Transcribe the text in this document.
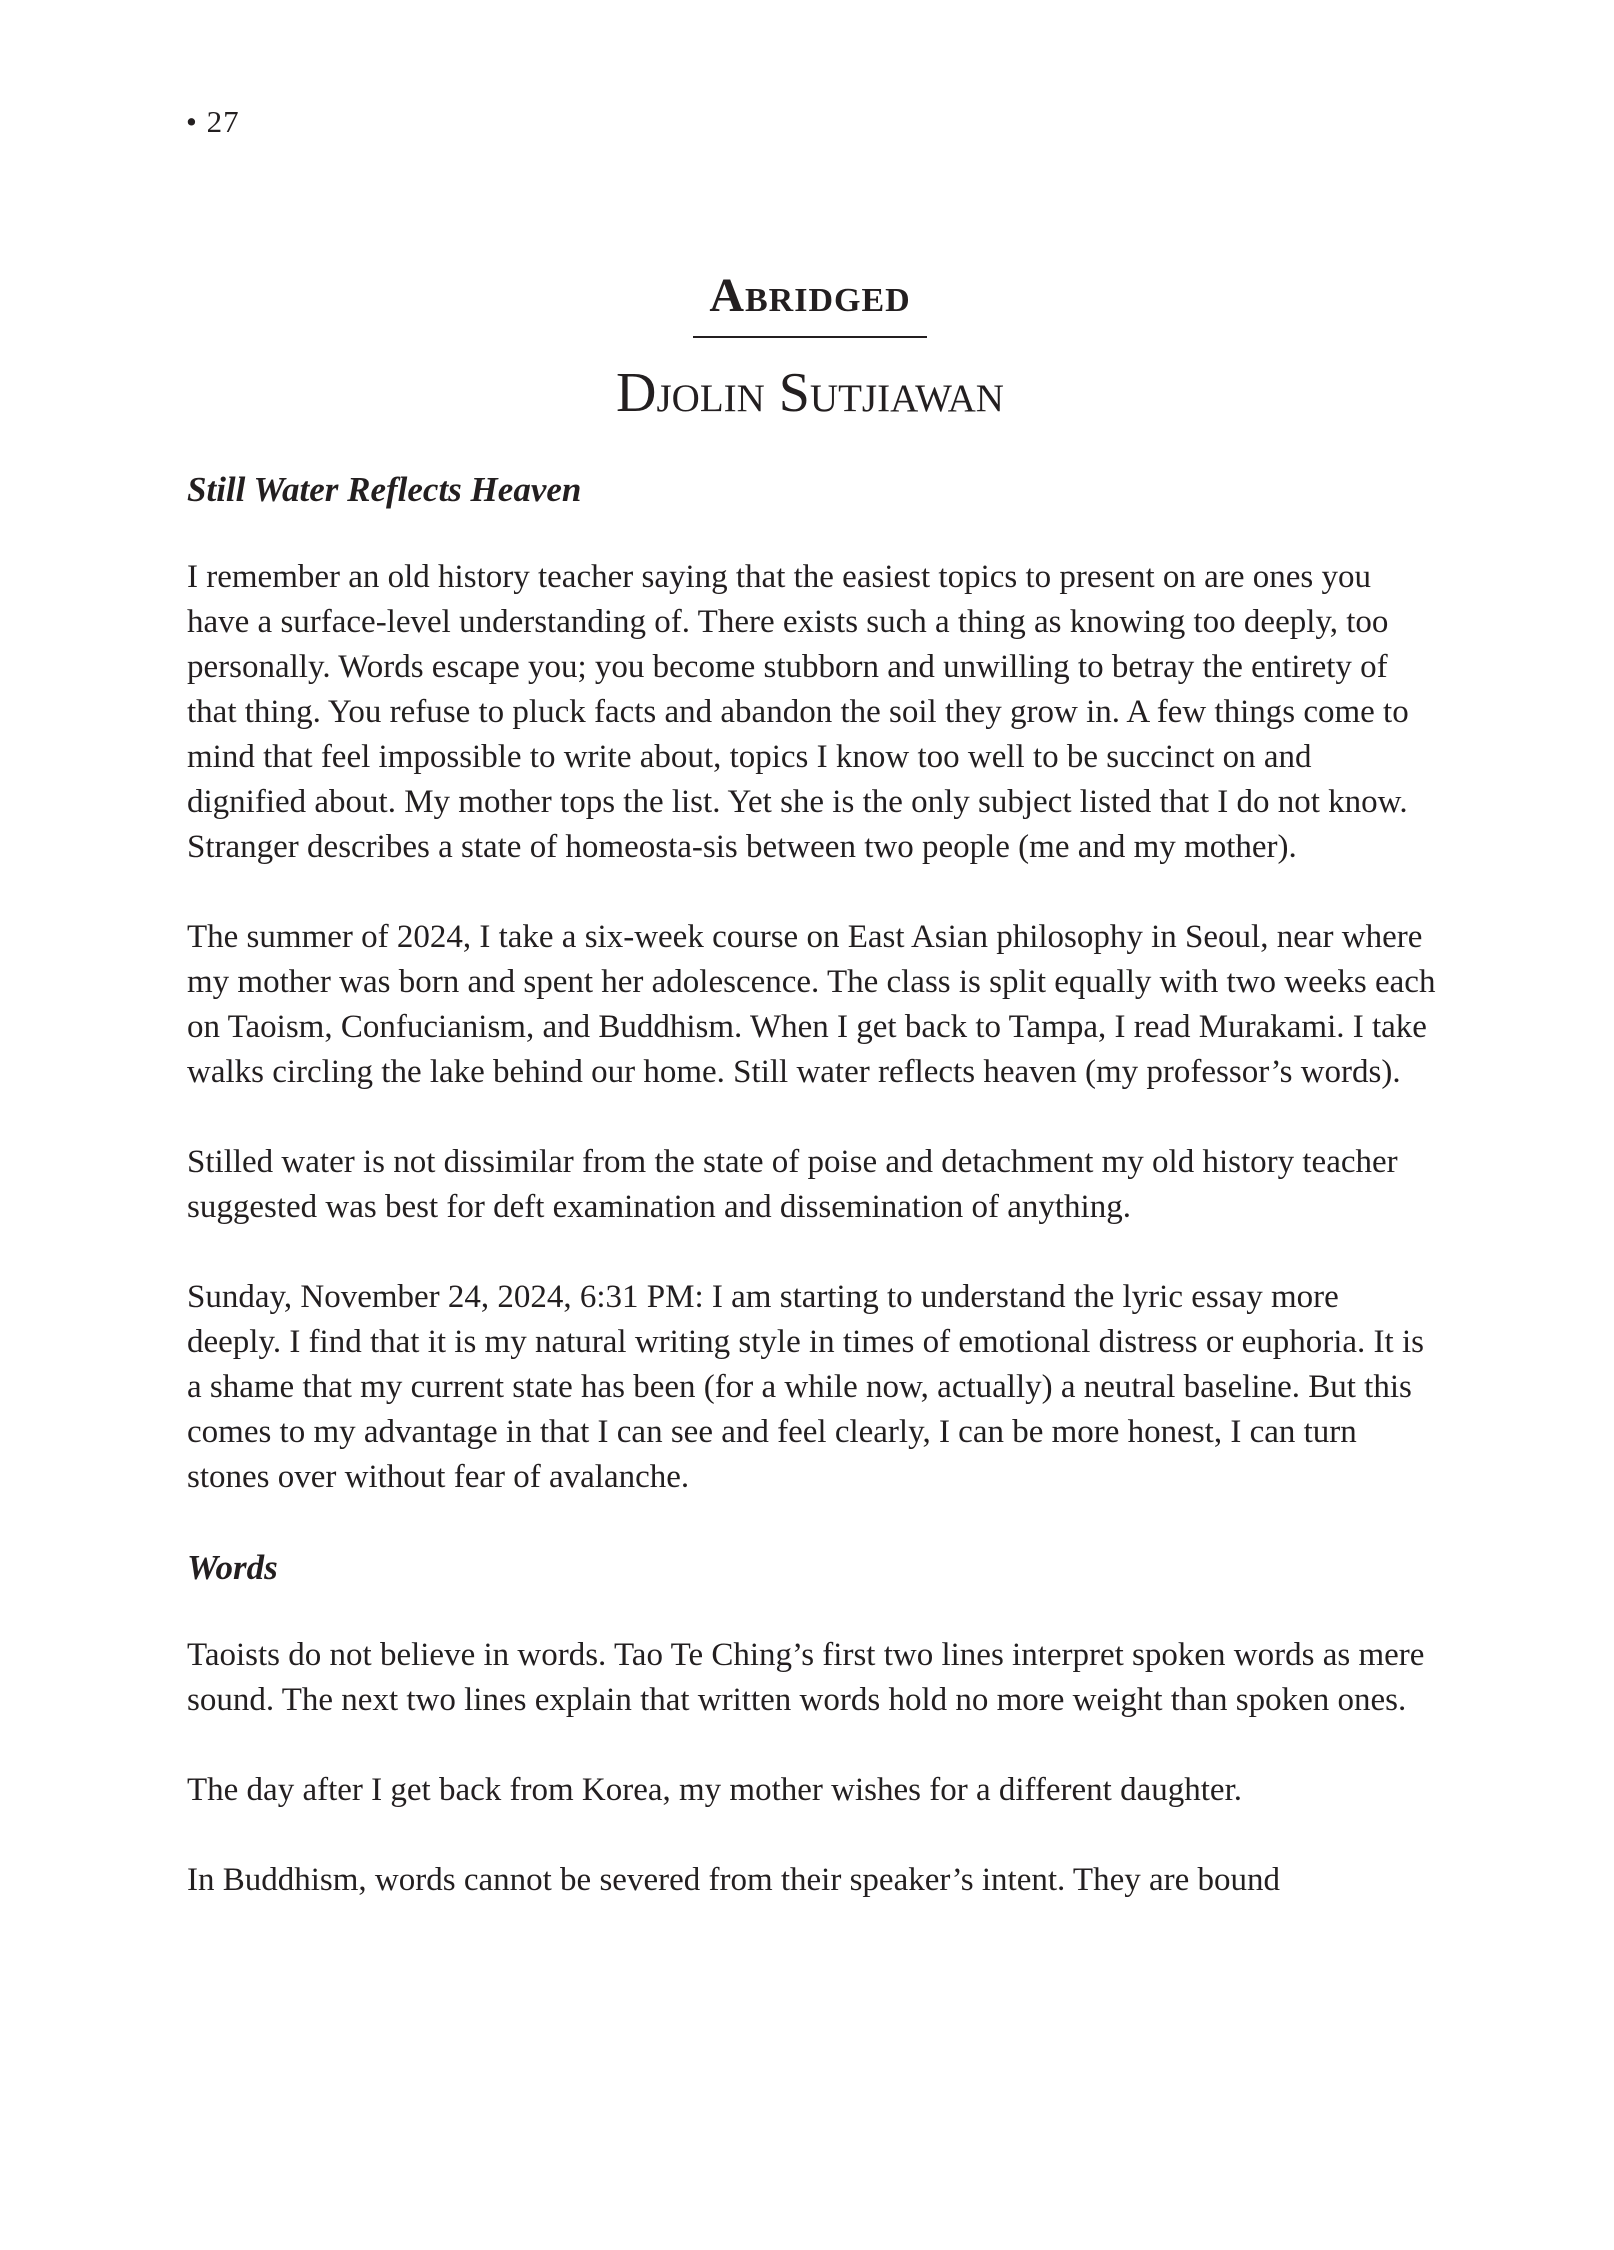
• 27
Abridged
Djolin Sutjiawan
Still Water Reflects Heaven

I remember an old history teacher saying that the easiest topics to present on are ones you have a surface-level understanding of. There exists such a thing as knowing too deeply, too personally. Words escape you; you become stubborn and unwilling to betray the entirety of that thing. You refuse to pluck facts and abandon the soil they grow in. A few things come to mind that feel impossible to write about, topics I know too well to be succinct on and dignified about. My mother tops the list. Yet she is the only subject listed that I do not know. Stranger describes a state of homeosta-sis between two people (me and my mother).

The summer of 2024, I take a six-week course on East Asian philosophy in Seoul, near where my mother was born and spent her adolescence. The class is split equally with two weeks each on Taoism, Confucianism, and Buddhism. When I get back to Tampa, I read Murakami. I take walks circling the lake behind our home. Still water reflects heaven (my professor’s words).

Stilled water is not dissimilar from the state of poise and detachment my old history teacher suggested was best for deft examination and dissemination of anything.

Sunday, November 24, 2024, 6:31 PM: I am starting to understand the lyric essay more deeply. I find that it is my natural writing style in times of emotional distress or euphoria. It is a shame that my current state has been (for a while now, actually) a neutral baseline. But this comes to my advantage in that I can see and feel clearly, I can be more honest, I can turn stones over without fear of avalanche.

Words

Taoists do not believe in words. Tao Te Ching’s first two lines interpret spoken words as mere sound. The next two lines explain that written words hold no more weight than spoken ones.

The day after I get back from Korea, my mother wishes for a different daughter.

In Buddhism, words cannot be severed from their speaker’s intent. They are bound
